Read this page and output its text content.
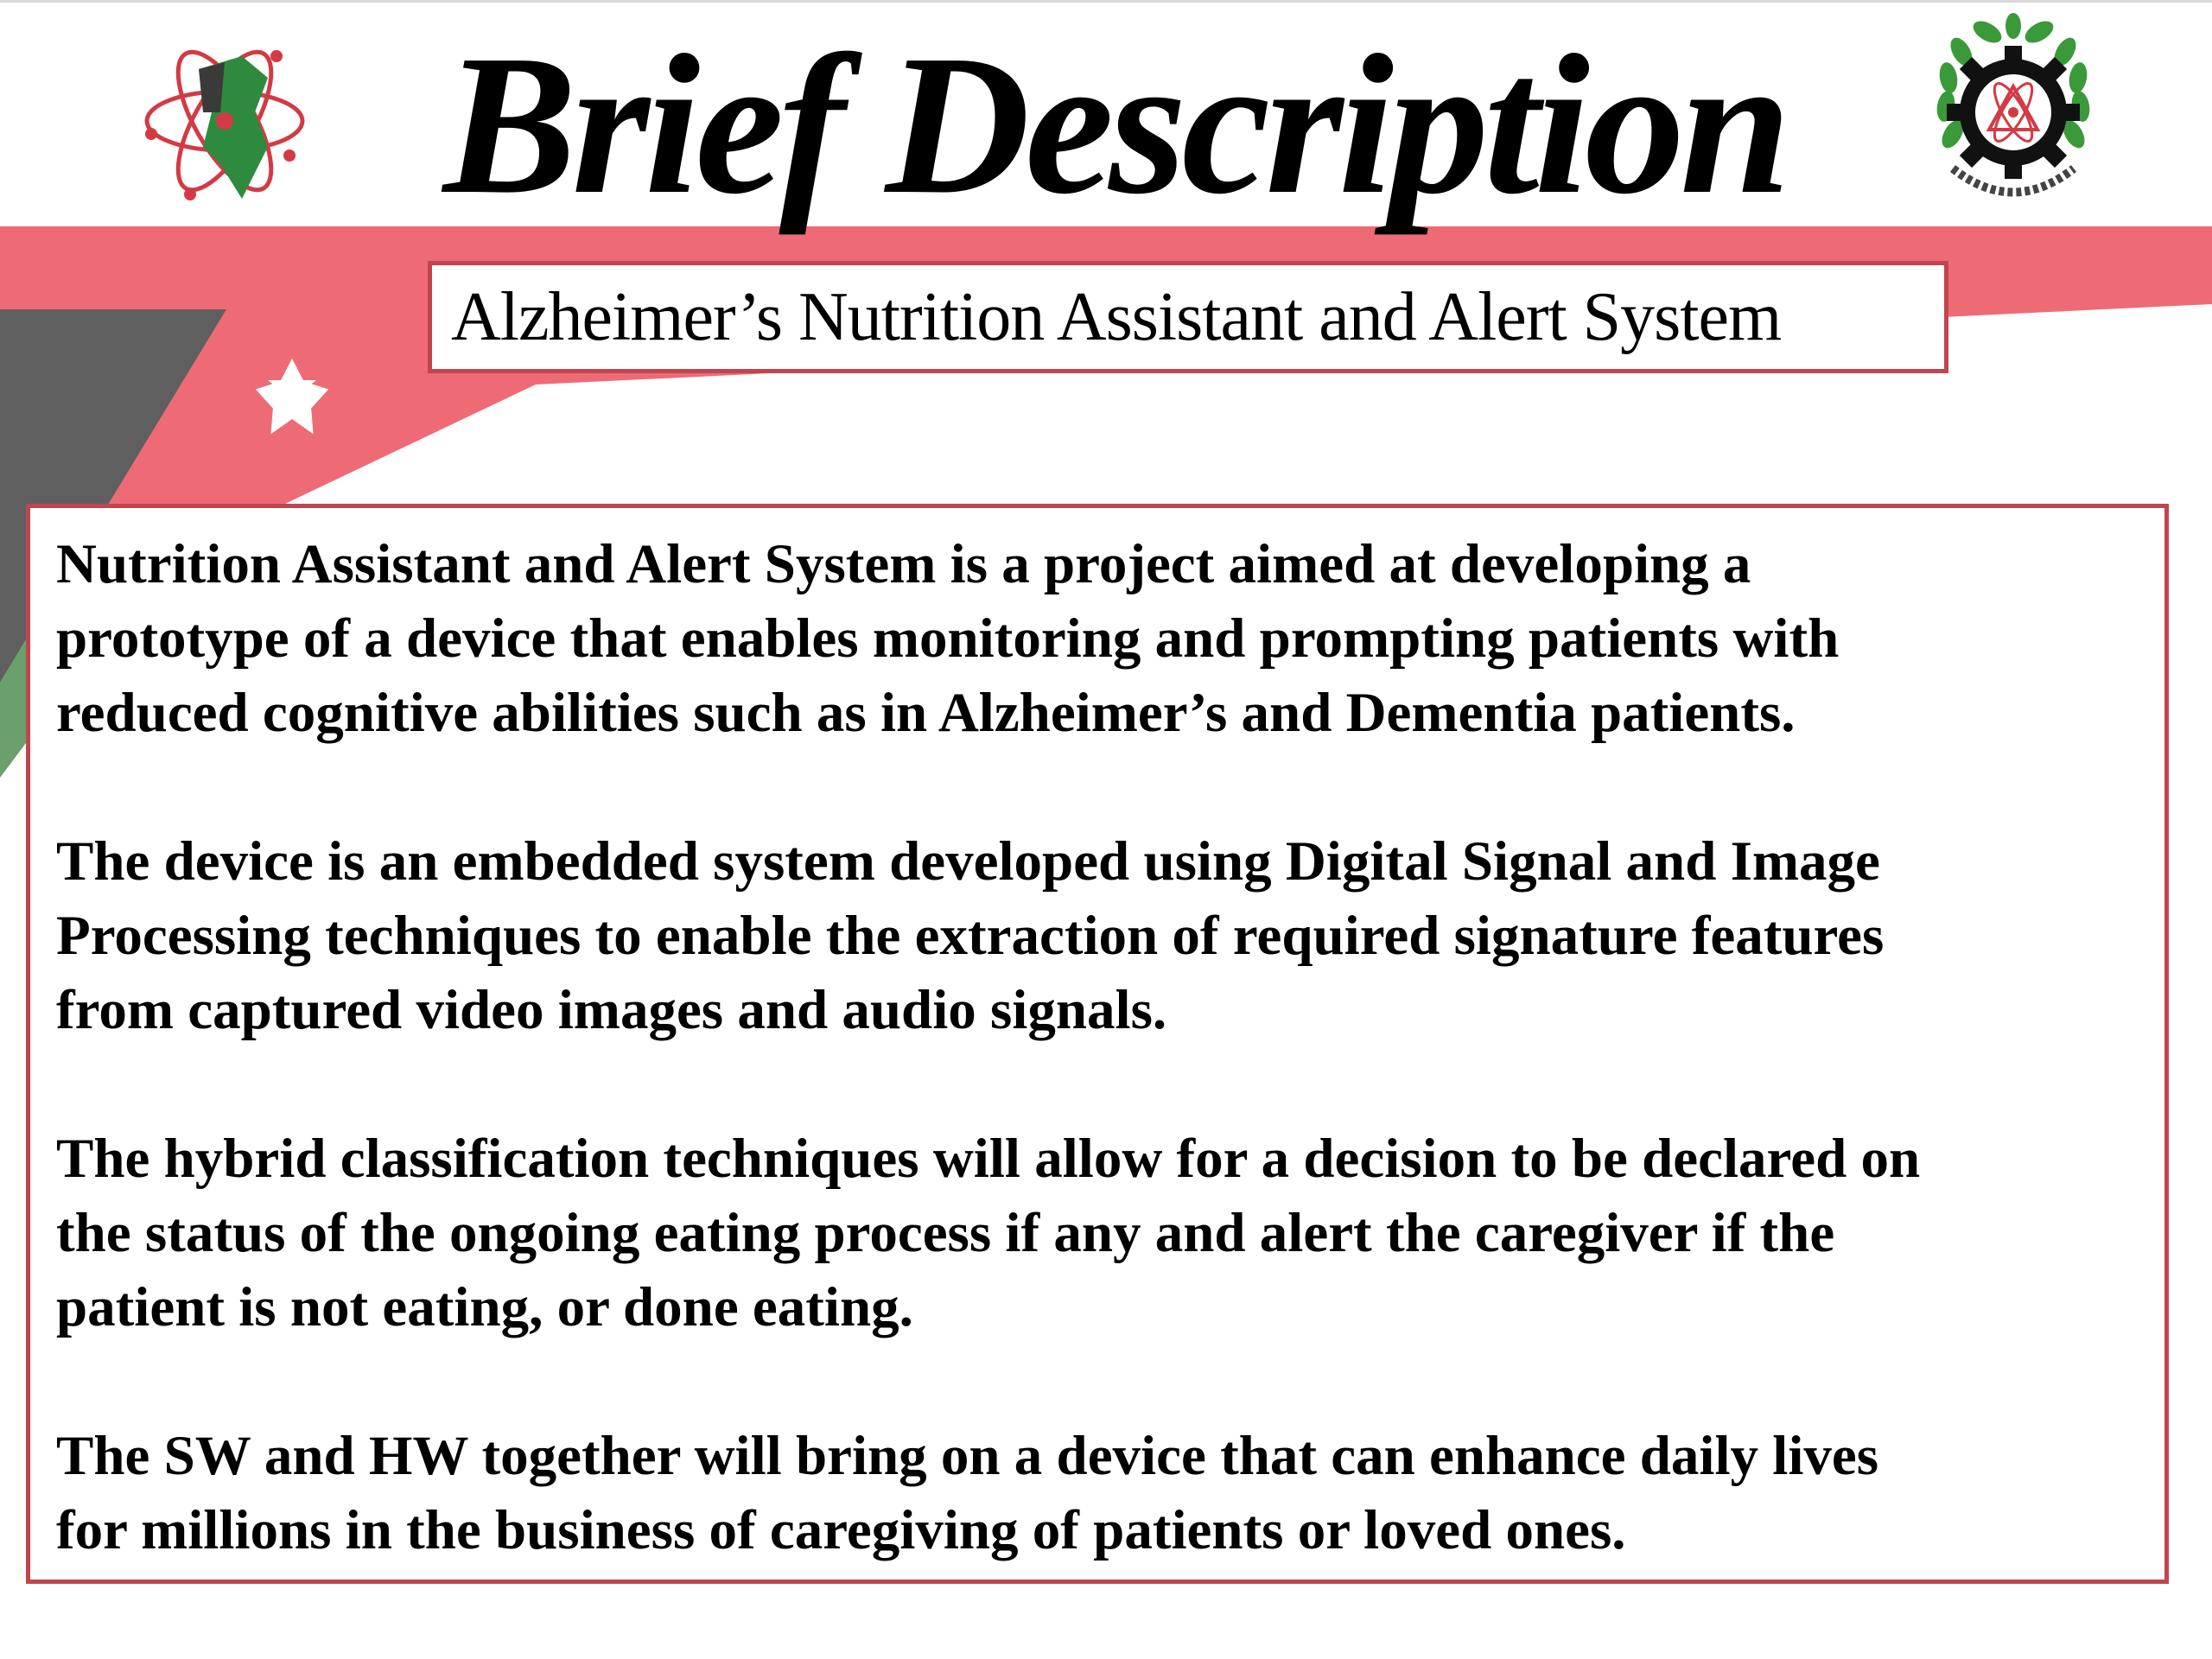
Brief Description
Alzheimer’s Nutrition Assistant and Alert System

Nutrition Assistant and Alert System is a project aimed at developing a
prototype of a device that enables monitoring and prompting patients with
reduced cognitive abilities such as in Alzheimer’s and Dementia patients.

The device is an embedded system developed using Digital Signal and Image
Processing techniques to enable the extraction of required signature features
from captured video images and audio signals.

The hybrid classification techniques will allow for a decision to be declared on
the status of the ongoing eating process if any and alert the caregiver if the
patient is not eating, or done eating.

The SW and HW together will bring on a device that can enhance daily lives
for millions in the business of caregiving of patients or loved ones.
